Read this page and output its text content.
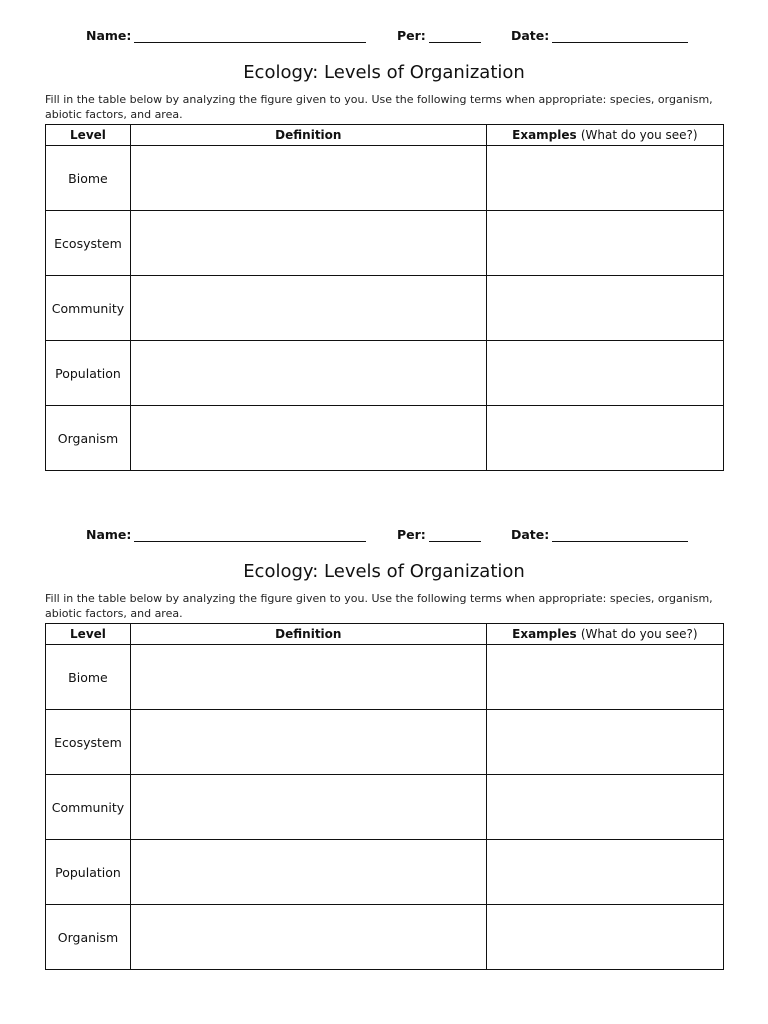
Name:	Per:	Date:
Ecology: Levels of Organization
Fill in the table below by analyzing the figure given to you. Use the following terms when appropriate: species, organism, abiotic factors, and area.
Level	Definition	Examples (What do you see?)
Biome		
Ecosystem		
Community		
Population		
Organism		
Name:	Per:	Date:
Ecology: Levels of Organization
Fill in the table below by analyzing the figure given to you. Use the following terms when appropriate: species, organism, abiotic factors, and area.
Level	Definition	Examples (What do you see?)
Biome		
Ecosystem		
Community		
Population		
Organism		
